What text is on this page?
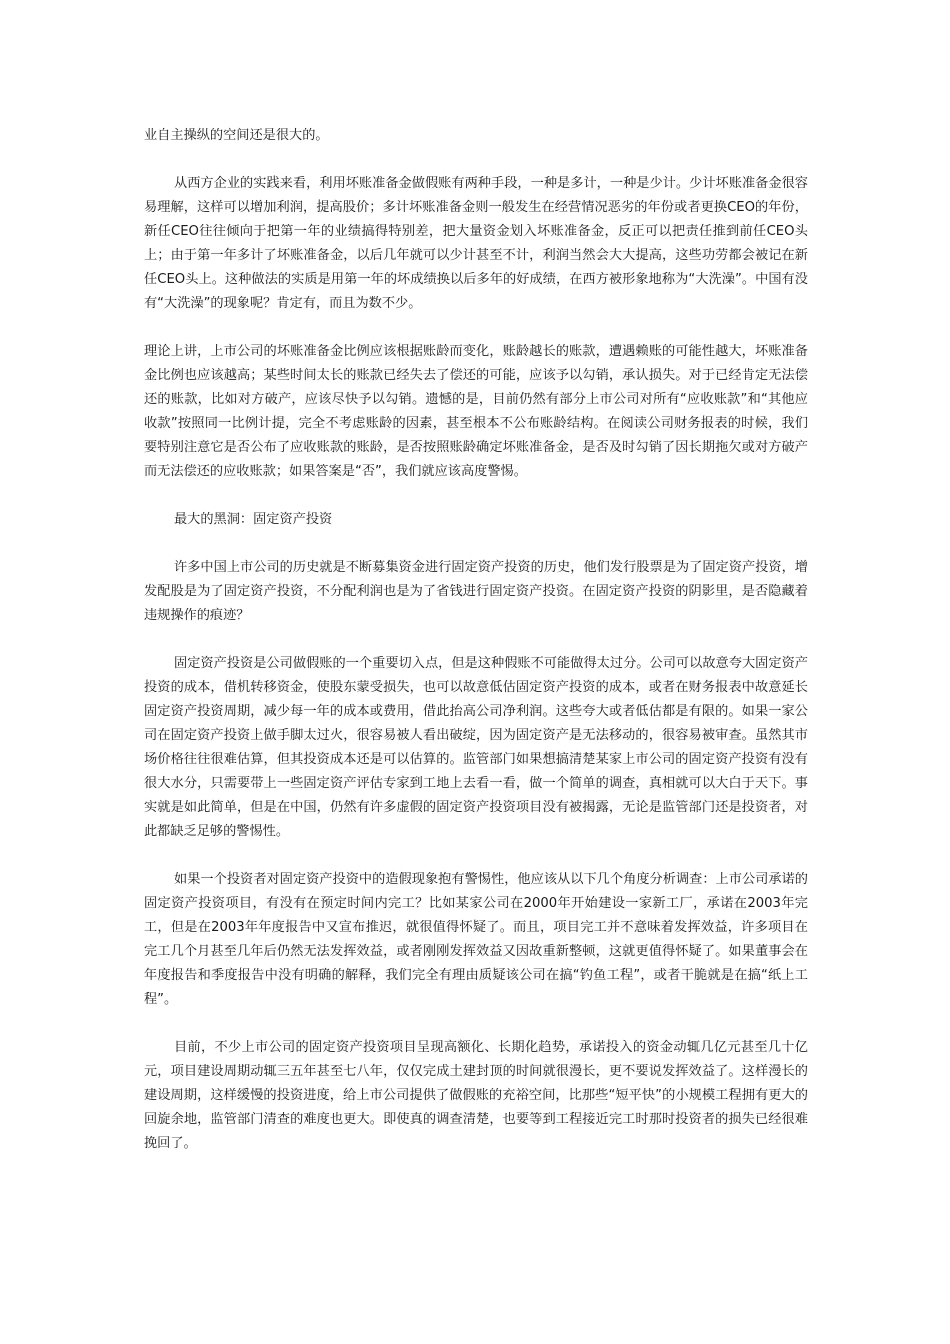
业自主操纵的空间还是很大的。

从西方企业的实践来看，利用坏账准备金做假账有两种手段，一种是多计，一种是少计。少计坏账准备金很容易理解，这样可以增加利润，提高股价；多计坏账准备金则一般发生在经营情况恶劣的年份或者更换CEO的年份，新任CEO往往倾向于把第一年的业绩搞得特别差，把大量资金划入坏账准备金，反正可以把责任推到前任CEO头上；由于第一年多计了坏账准备金，以后几年就可以少计甚至不计，利润当然会大大提高，这些功劳都会被记在新任CEO头上。这种做法的实质是用第一年的坏成绩换以后多年的好成绩，在西方被形象地称为“大洗澡”。中国有没有“大洗澡”的现象呢？肯定有，而且为数不少。

理论上讲，上市公司的坏账准备金比例应该根据账龄而变化，账龄越长的账款，遭遇赖账的可能性越大，坏账准备金比例也应该越高；某些时间太长的账款已经失去了偿还的可能，应该予以勾销，承认损失。对于已经肯定无法偿还的账款，比如对方破产，应该尽快予以勾销。遗憾的是，目前仍然有部分上市公司对所有“应收账款”和“其他应收款”按照同一比例计提，完全不考虑账龄的因素，甚至根本不公布账龄结构。在阅读公司财务报表的时候，我们要特别注意它是否公布了应收账款的账龄，是否按照账龄确定坏账准备金，是否及时勾销了因长期拖欠或对方破产而无法偿还的应收账款；如果答案是“否”，我们就应该高度警惕。

最大的黑洞：固定资产投资

许多中国上市公司的历史就是不断募集资金进行固定资产投资的历史，他们发行股票是为了固定资产投资，增发配股是为了固定资产投资，不分配利润也是为了省钱进行固定资产投资。在固定资产投资的阴影里，是否隐藏着违规操作的痕迹？

固定资产投资是公司做假账的一个重要切入点，但是这种假账不可能做得太过分。公司可以故意夸大固定资产投资的成本，借机转移资金，使股东蒙受损失，也可以故意低估固定资产投资的成本，或者在财务报表中故意延长固定资产投资周期，减少每一年的成本或费用，借此抬高公司净利润。这些夸大或者低估都是有限的。如果一家公司在固定资产投资上做手脚太过火，很容易被人看出破绽，因为固定资产是无法移动的，很容易被审查。虽然其市场价格往往很难估算，但其投资成本还是可以估算的。监管部门如果想搞清楚某家上市公司的固定资产投资有没有很大水分，只需要带上一些固定资产评估专家到工地上去看一看，做一个简单的调查，真相就可以大白于天下。事实就是如此简单，但是在中国，仍然有许多虚假的固定资产投资项目没有被揭露，无论是监管部门还是投资者，对此都缺乏足够的警惕性。

如果一个投资者对固定资产投资中的造假现象抱有警惕性，他应该从以下几个角度分析调查：上市公司承诺的固定资产投资项目，有没有在预定时间内完工？比如某家公司在2000年开始建设一家新工厂，承诺在2003年完工，但是在2003年年度报告中又宣布推迟，就很值得怀疑了。而且，项目完工并不意味着发挥效益，许多项目在完工几个月甚至几年后仍然无法发挥效益，或者刚刚发挥效益又因故重新整顿，这就更值得怀疑了。如果董事会在年度报告和季度报告中没有明确的解释，我们完全有理由质疑该公司在搞“钓鱼工程”，或者干脆就是在搞“纸上工程”。

目前，不少上市公司的固定资产投资项目呈现高额化、长期化趋势，承诺投入的资金动辄几亿元甚至几十亿元，项目建设周期动辄三五年甚至七八年，仅仅完成土建封顶的时间就很漫长，更不要说发挥效益了。这样漫长的建设周期，这样缓慢的投资进度，给上市公司提供了做假账的充裕空间，比那些“短平快”的小规模工程拥有更大的回旋余地，监管部门清查的难度也更大。即使真的调查清楚，也要等到工程接近完工时那时投资者的损失已经很难挽回了。
